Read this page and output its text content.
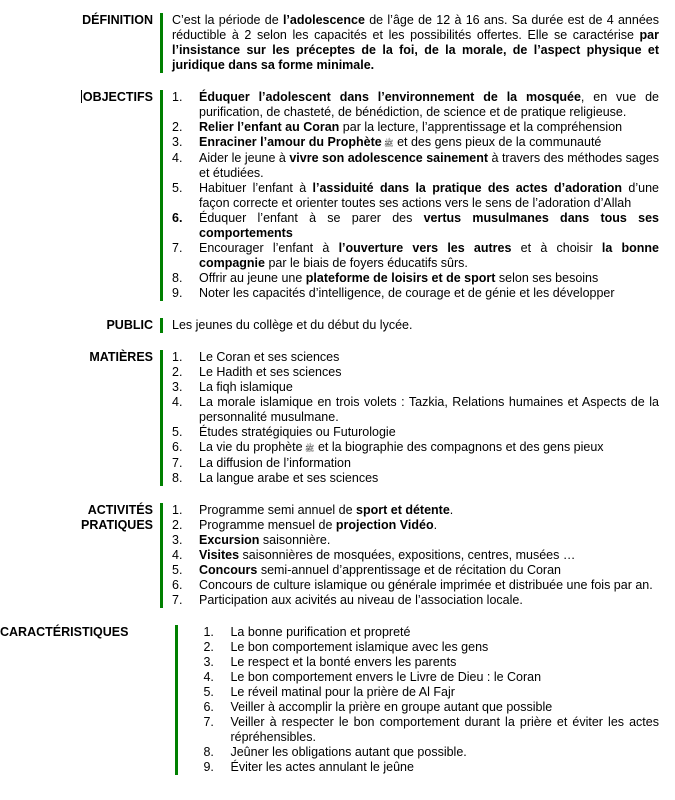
DÉFINITION C’est la période de l’adolescence de l’âge de 12 à 16 ans. Sa durée est de 4 années réductible à 2 selon les capacités et les possibilités offertes. Elle se caractérise par l’insistance sur les préceptes de la foi, de la morale, de l’aspect physique et juridique dans sa forme minimale.
OBJECTIFS 1.	Éduquer l’adolescent dans l’environnement de la mosquée, en vue de purification, de chasteté, de bénédiction, de science et de pratique religieuse.
2.	Relier l’enfant au Coran par la lecture, l’apprentissage et la compréhension
3.	Enraciner l’amour du Prophète ﷺ et des gens pieux de la communauté
4.	Aider le jeune à vivre son adolescence sainement à travers des méthodes sages et étudiées.
5.	Habituer l’enfant à l’assiduité dans la pratique des actes d’adoration d’une façon correcte et orienter toutes ses actions vers le sens de l’adoration d’Allah
6.	Éduquer l’enfant à se parer des vertus musulmanes dans tous ses comportements
7.	Encourager l’enfant à l’ouverture vers les autres et à choisir la bonne compagnie par le biais de foyers éducatifs sûrs.
8.	Offrir au jeune une plateforme de loisirs et de sport selon ses besoins
9.	Noter les capacités d’intelligence, de courage et de génie et les développer
PUBLIC Les jeunes du collège et du début du lycée.
MATIÈRES 1.	Le Coran et ses sciences
2.	Le Hadith et ses sciences
3.	La fiqh islamique
4.	La morale islamique en trois volets : Tazkia, Relations humaines et Aspects de la personnalité musulmane.
5.	Études stratégiquies ou Futurologie
6.	La vie du prophète ﷺ et la biographie des compagnons et des gens pieux
7.	La diffusion de l’information
8.	La langue arabe et ses sciences
ACTIVITÉS
PRATIQUES
1.	Programme semi annuel de sport et détente.
2.	Programme mensuel de projection Vidéo.
3.	Excursion saisonnière.
4.	Visites saisonnières de mosquées, expositions, centres, musées …
5.	Concours semi-annuel d’apprentissage et de récitation du Coran
6.	Concours de culture islamique ou générale imprimée et distribuée une fois par an.
7.	Participation aux acivités au niveau de l’association locale.
CARACTÉRISTIQUES	1.	La bonne purification et propreté
2.	Le bon comportement islamique avec les gens
3.	Le respect et la bonté envers les parents
4.	Le bon comportement envers le Livre de Dieu : le Coran
5.	Le réveil matinal pour la prière de Al Fajr
6.	Veiller à accomplir la prière en groupe autant que possible
7.	Veiller à respecter le bon comportement durant la prière et éviter les actes répréhensibles.
8.	Jeûner les obligations autant que possible.
9.	Éviter les actes annulant le jeûne
